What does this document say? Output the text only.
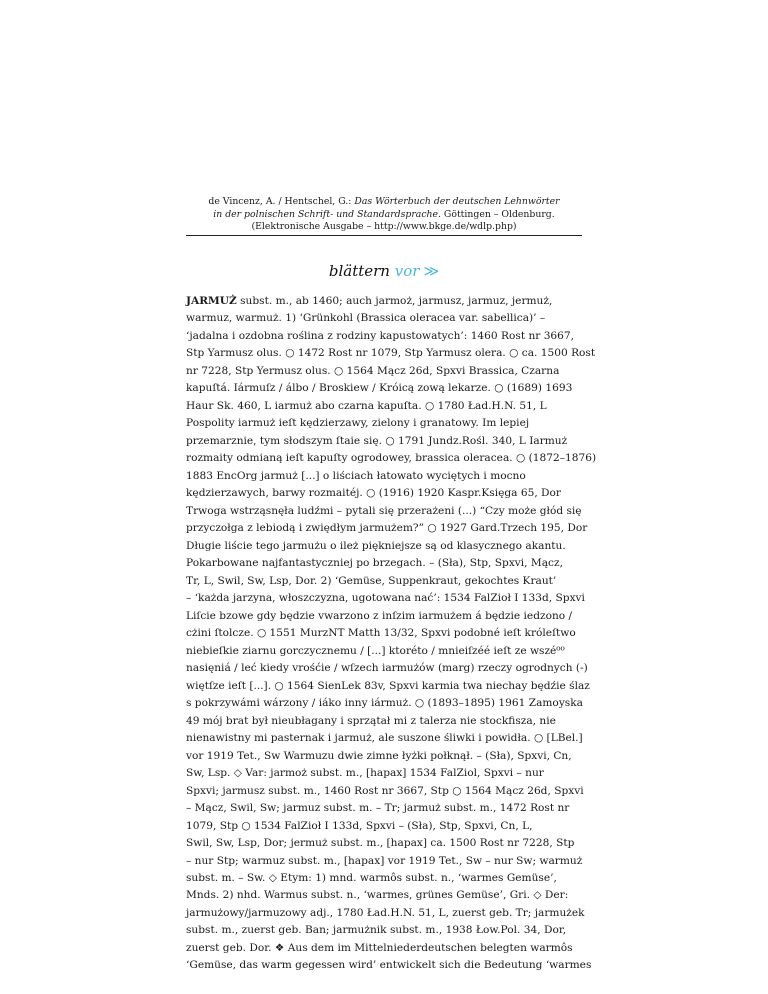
de Vincenz, A. / Hentschel, G.: Das Wörterbuch der deutschen Lehnwörter
in der polnischen Schrift- und Standardsprache. Göttingen – Oldenburg.
(Elektronische Ausgabe – http://www.bkge.de/wdlp.php)
blättern vor ≫
JARMUŻ subst. m., ab 1460; auch jarmoż, jarmusz, jarmuz, jermuż,
warmuz, warmuż. 1) ‘Grünkohl (Brassica oleracea var. sabellica)’ –
‘jadalna i ozdobna roślina z rodziny kapustowatych’: 1460 Rost nr 3667,
Stp Yarmusz olus. ○ 1472 Rost nr 1079, Stp Yarmusz olera. ○ ca. 1500 Rost
nr 7228, Stp Yermusz olus. ○ 1564 Mącz 26d, Spxvi Brassica, Czarna
kapuſtá. Iármuſz / álbo / Broskiew / Króicą zową lekarze. ○ (1689) 1693
Haur Sk. 460, L iarmuż abo czarna kapuſta. ○ 1780 Ład.H.N. 51, L
Pospolity iarmuż ieſt kędzierzawy, zielony i granatowy. Im lepiej
przemarznie, tym słodszym ſtaie się. ○ 1791 Jundz.Rośl. 340, L Iarmuż
rozmaity odmianą ieſt kapuſty ogrodowey, brassica oleracea. ○ (1872–1876)
1883 EncOrg jarmuż [...] o liściach łatowato wyciętych i mocno
kędzierzawych, barwy rozmaitéj. ○ (1916) 1920 Kaspr.Księga 65, Dor
Trwoga wstrząsnęła ludźmi – pytali się przerażeni (...) “Czy może głód się
przyczołga z lebiodą i zwiędłym jarmużem?” ○ 1927 Gard.Trzech 195, Dor
Długie liście tego jarmużu o ileż piękniejsze są od klasycznego akantu.
Pokarbowane najfantastyczniej po brzegach. – (Sła), Stp, Spxvi, Mącz,
Tr, L, Swil, Sw, Lsp, Dor. 2) ‘Gemüse, Suppenkraut, gekochtes Kraut’
– ‘każda jarzyna, włoszczyzna, ugotowana nać’: 1534 FalZioł I 133d, Spxvi
Liſcie bzowe gdy będzie vwarzono z inſzim iarmużem á będzie iedzono /
cżini ſtolcze. ○ 1551 MurzNT Matth 13/32, Spxvi podobné ieſt króleſtwo
niebieſkie ziarnu gorczycznemu / [...] ktoréto / mnieiſzéé ieſt ze wszé⁰⁰
nasięniá / leć kiedy vrośćie / wſzech iarmużów (marg) rzeczy ogrodnych (-)
więtſze ieſt [...]. ○ 1564 SienLek 83v, Spxvi karmia twa niechay będźie ślaz
s pokrzywámi wárzony / iáko inny iármuż. ○ (1893–1895) 1961 Zamoyska
49 mój brat był nieubłagany i sprzątał mi z talerza nie stockfisza, nie
nienawistny mi pasternak i jarmuż, ale suszone śliwki i powidła. ○ [LBel.]
vor 1919 Tet., Sw Warmuzu dwie zimne łyżki połknął. – (Sła), Spxvi, Cn,
Sw, Lsp. ◇ Var: jarmoż subst. m., [hapax] 1534 FalZiol, Spxvi – nur
Spxvi; jarmusz subst. m., 1460 Rost nr 3667, Stp ○ 1564 Mącz 26d, Spxvi
– Mącz, Swil, Sw; jarmuz subst. m. – Tr; jarmuż subst. m., 1472 Rost nr
1079, Stp ○ 1534 FalZioł I 133d, Spxvi – (Sła), Stp, Spxvi, Cn, L,
Swil, Sw, Lsp, Dor; jermuż subst. m., [hapax] ca. 1500 Rost nr 7228, Stp
– nur Stp; warmuz subst. m., [hapax] vor 1919 Tet., Sw – nur Sw; warmuż
subst. m. – Sw. ◇ Etym: 1) mnd. warmôs subst. n., ‘warmes Gemüse’,
Mnds. 2) nhd. Warmus subst. n., ‘warmes, grünes Gemüse’, Gri. ◇ Der:
jarmużowy/jarmuzowy adj., 1780 Ład.H.N. 51, L, zuerst geb. Tr; jarmużek
subst. m., zuerst geb. Ban; jarmużnik subst. m., 1938 Łow.Pol. 34, Dor,
zuerst geb. Dor. ❖ Aus dem im Mittelniederdeutschen belegten warmôs
‘Gemüse, das warm gegessen wird’ entwickelt sich die Bedeutung ‘warmes
